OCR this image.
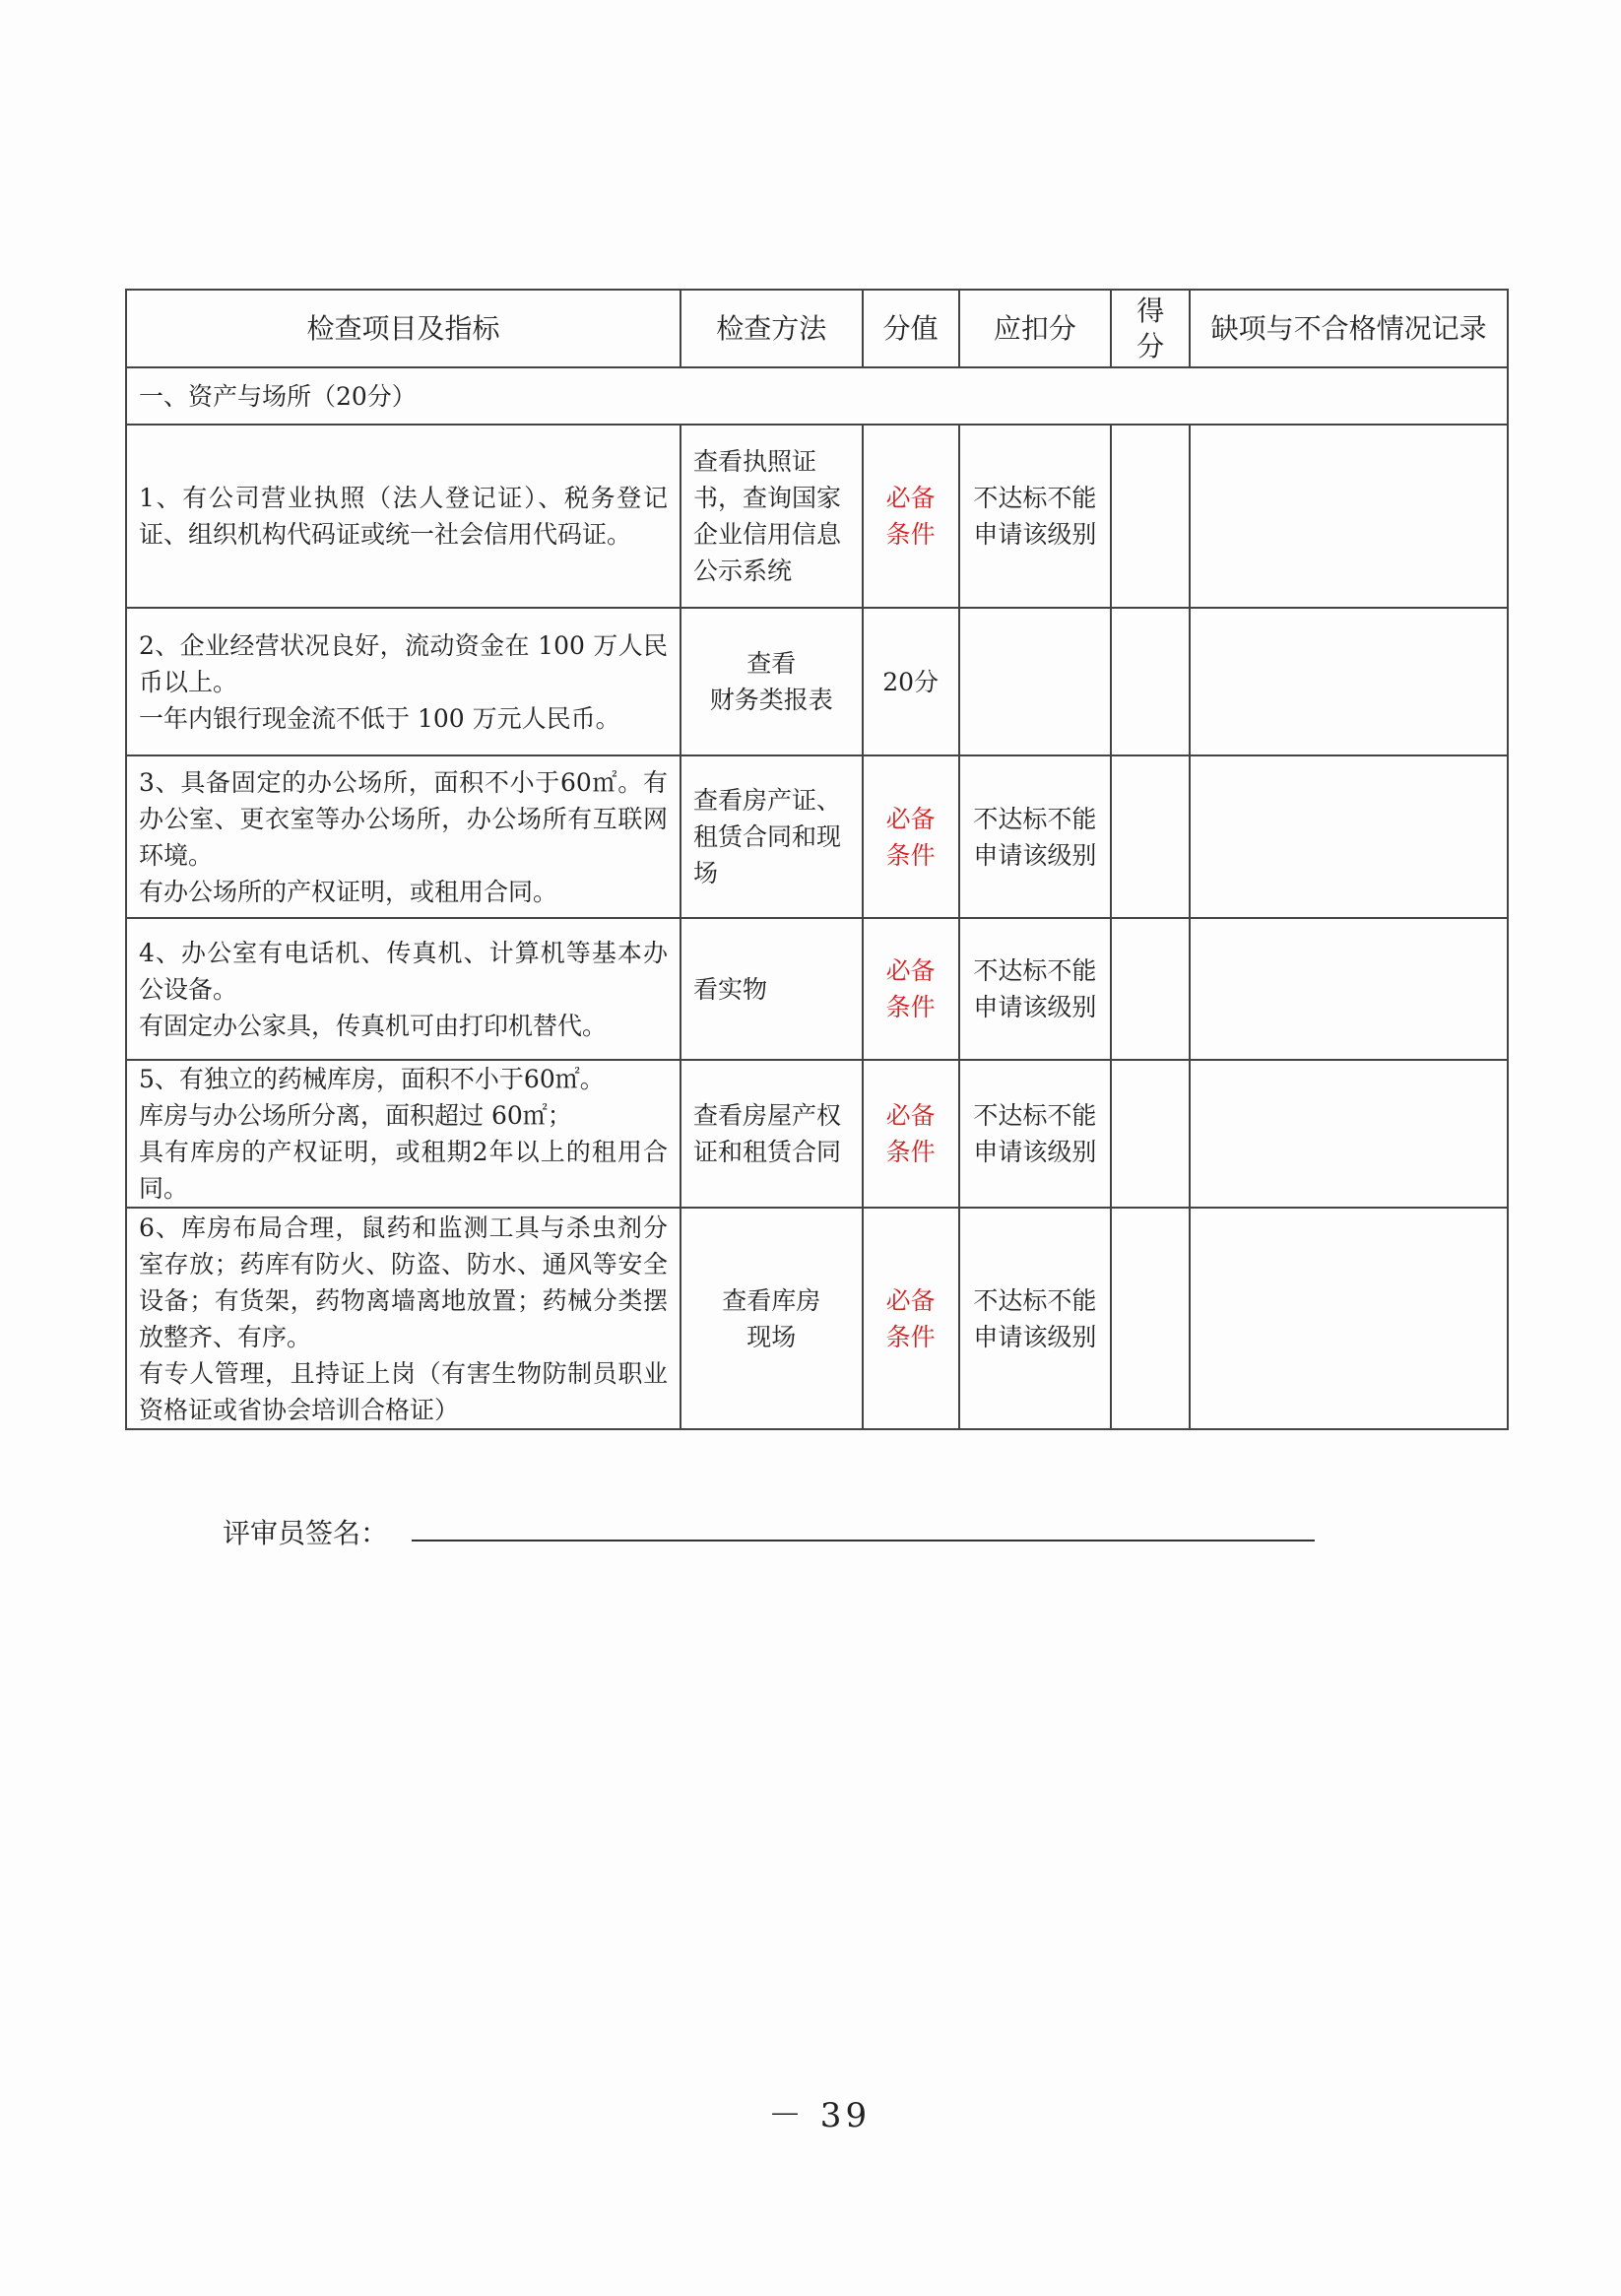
检查项目及指标	检查方法	分值	应扣分	得分	缺项与不合格情况记录
一、资产与场所（20分）					

1、有公司营业执照（法人登记证）、税务登记证、组织机构代码证或统一社会信用代码证。	查看执照证书，查询国家企业信用信息公示系统	必备条件	不达标不能申请该级别		

2、企业经营状况良好，流动资金在 100 万人民币以上。
一年内银行现金流不低于 100 万元人民币。	查看
财务类报表	20分			

3、具备固定的办公场所，面积不小于60㎡。有办公室、更衣室等办公场所，办公场所有互联网环境。
有办公场所的产权证明，或租用合同。	查看房产证、租赁合同和现场	必备条件	不达标不能申请该级别		

4、办公室有电话机、传真机、计算机等基本办公设备。
有固定办公家具，传真机可由打印机替代。	看实物	必备条件	不达标不能申请该级别		

5、有独立的药械库房，面积不小于60㎡。
库房与办公场所分离，面积超过 60㎡；
具有库房的产权证明，或租期2年以上的租用合同。	查看房屋产权证和租赁合同	必备条件	不达标不能申请该级别		

6、库房布局合理，鼠药和监测工具与杀虫剂分室存放；药库有防火、防盗、防水、通风等安全设备；有货架，药物离墙离地放置；药械分类摆放整齐、有序。
有专人管理，且持证上岗（有害生物防制员职业资格证或省协会培训合格证）	查看库房
现场	必备条件	不达标不能申请该级别		
评审员签名：
－ 39
